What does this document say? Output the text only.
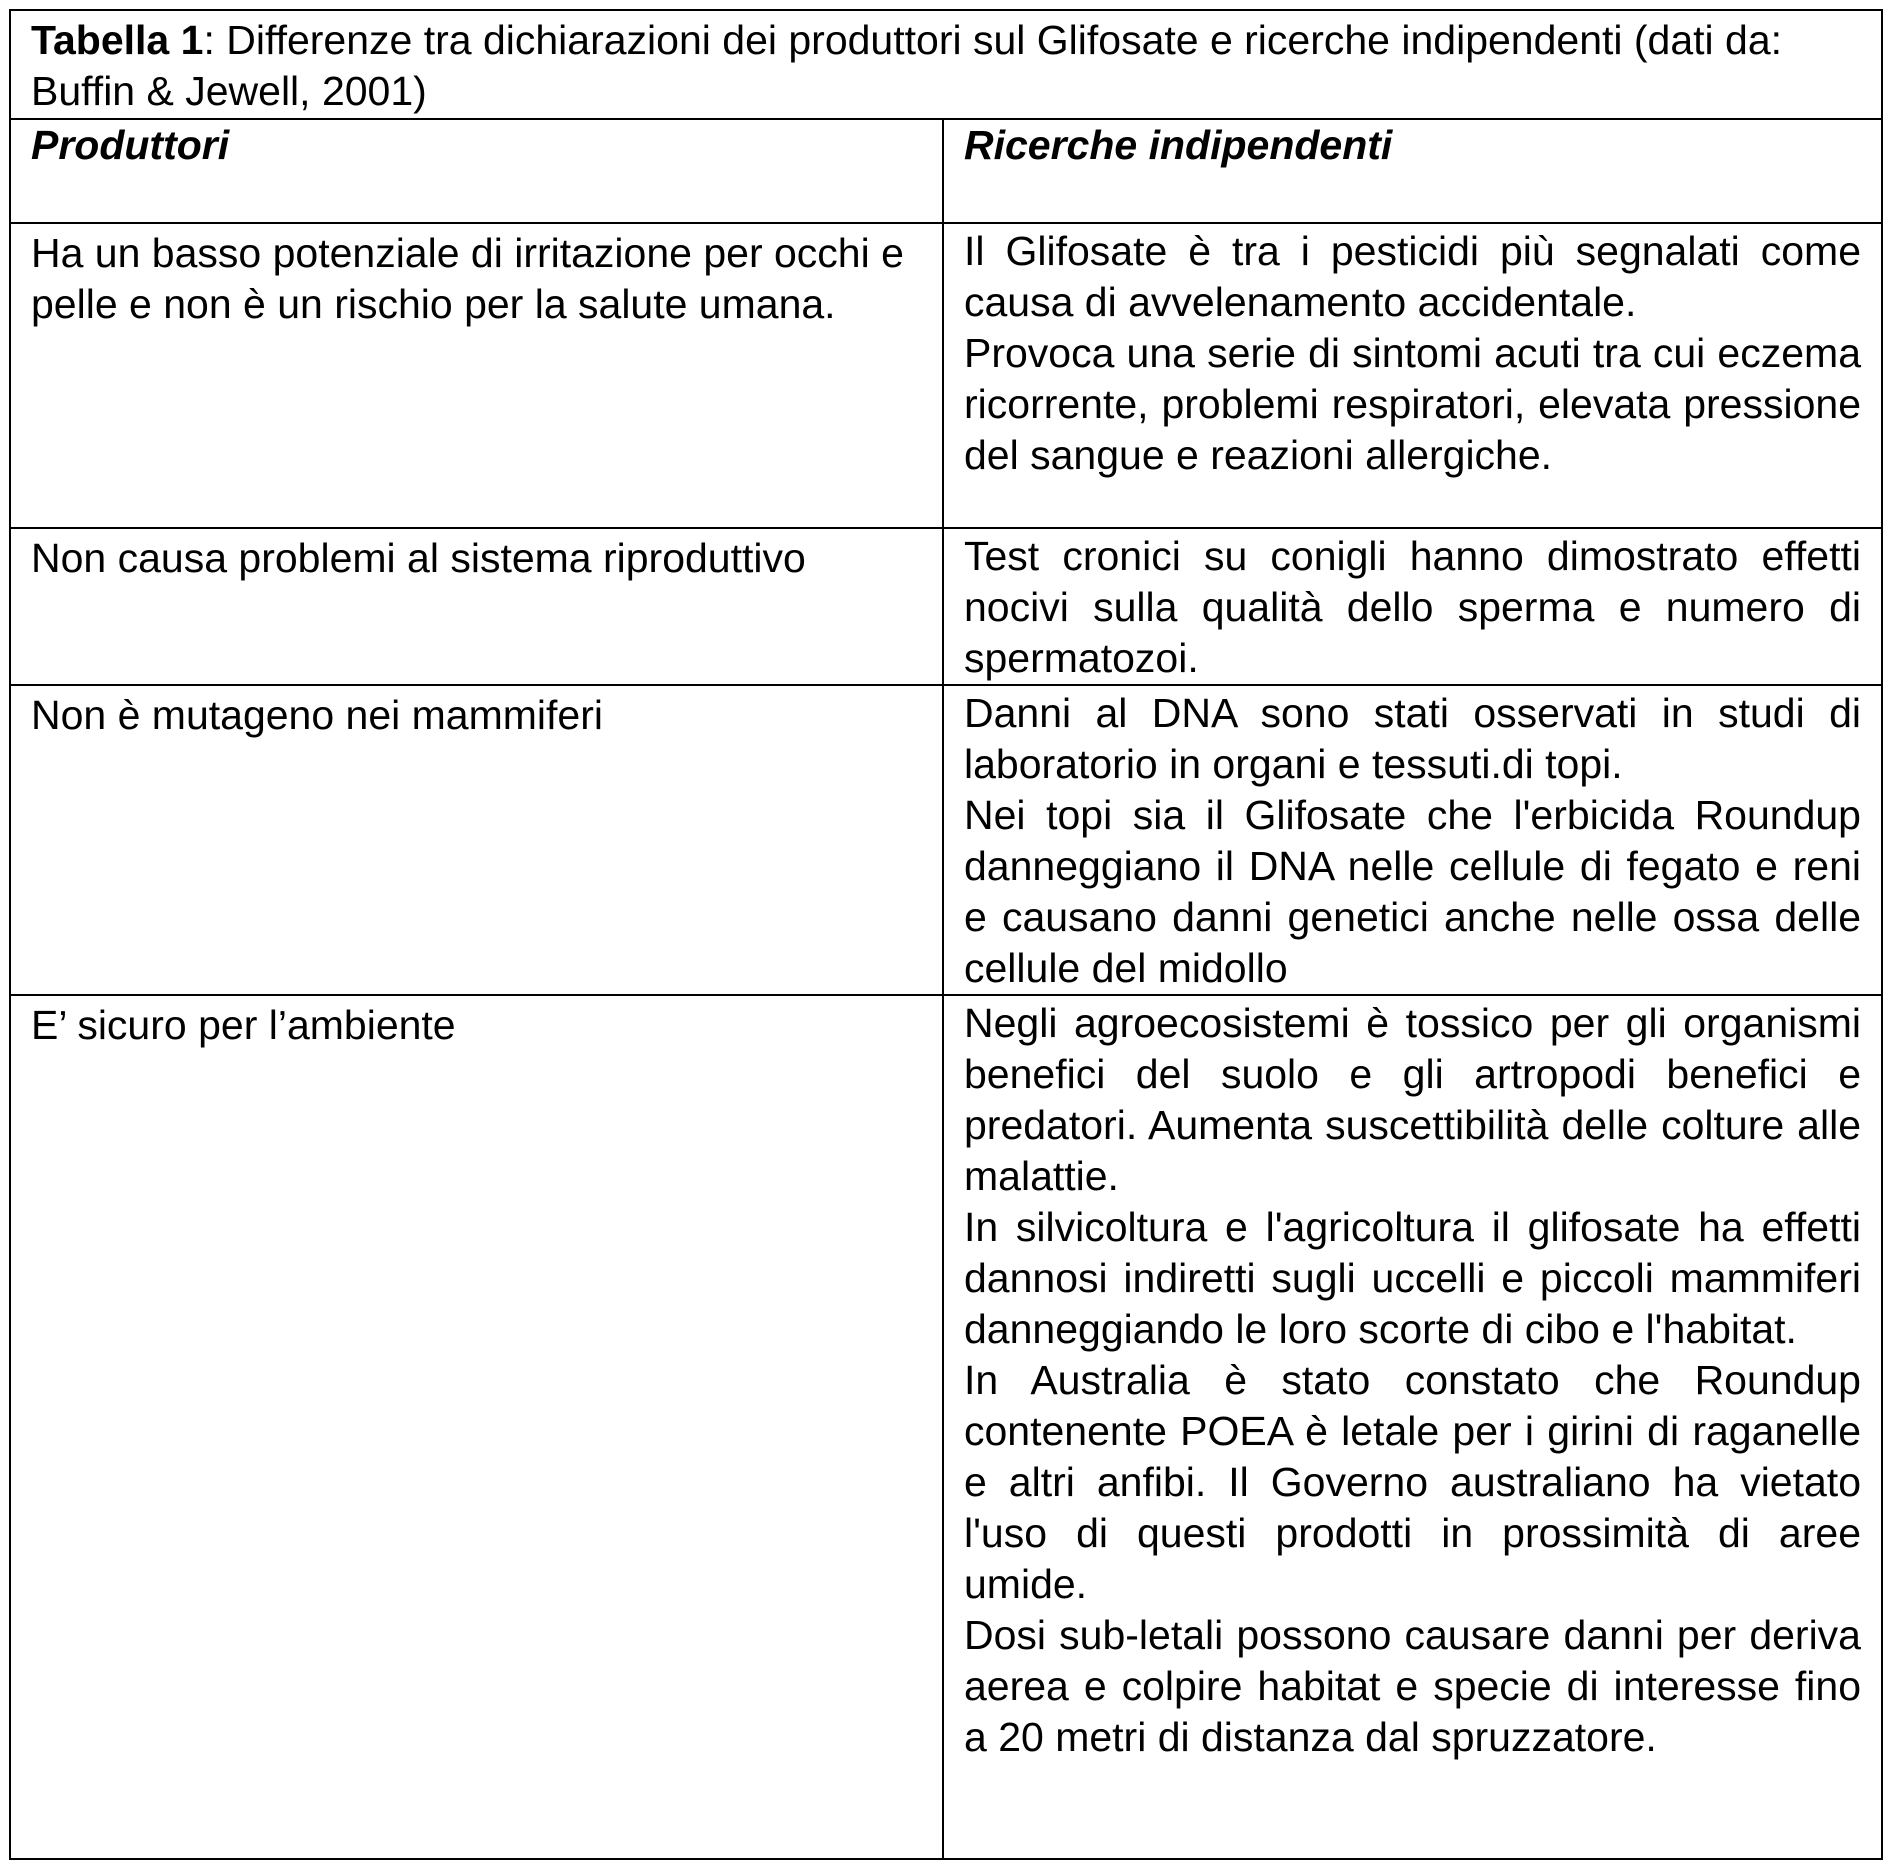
Tabella 1: Differenze tra dichiarazioni dei produttori sul Glifosate e ricerche indipendenti (dati da: Buffin & Jewell, 2001)	
Produttori	Ricerche indipendenti

Ha un basso potenziale di irritazione per occhi e pelle e non è un rischio per la salute umana.	Il Glifosate è tra i pesticidi più segnalati come causa di avvelenamento accidentale.
Provoca una serie di sintomi acuti tra cui eczema ricorrente, problemi respiratori, elevata pressione del sangue e reazioni allergiche.

Non causa problemi al sistema riproduttivo	Test cronici su conigli hanno dimostrato effetti nocivi sulla qualità dello sperma e numero di spermatozoi.

Non è mutageno nei mammiferi	Danni al DNA sono stati osservati in studi di laboratorio in organi e tessuti.di topi.
Nei topi sia il Glifosate che l'erbicida Roundup danneggiano il DNA nelle cellule di fegato e reni e causano danni genetici anche nelle ossa delle cellule del midollo

E’ sicuro per l’ambiente	Negli agroecosistemi è tossico per gli organismi benefici del suolo e gli artropodi benefici e predatori. Aumenta suscettibilità delle colture alle malattie.
In silvicoltura e l'agricoltura il glifosate ha effetti dannosi indiretti sugli uccelli e piccoli mammiferi danneggiando le loro scorte di cibo e l'habitat.
In Australia è stato constato che Roundup contenente POEA è letale per i girini di raganelle e altri anfibi. Il Governo australiano ha vietato l'uso di questi prodotti in prossimità di aree umide.
Dosi sub-letali possono causare danni per deriva aerea e colpire habitat e specie di interesse fino a 20 metri di distanza dal spruzzatore.
